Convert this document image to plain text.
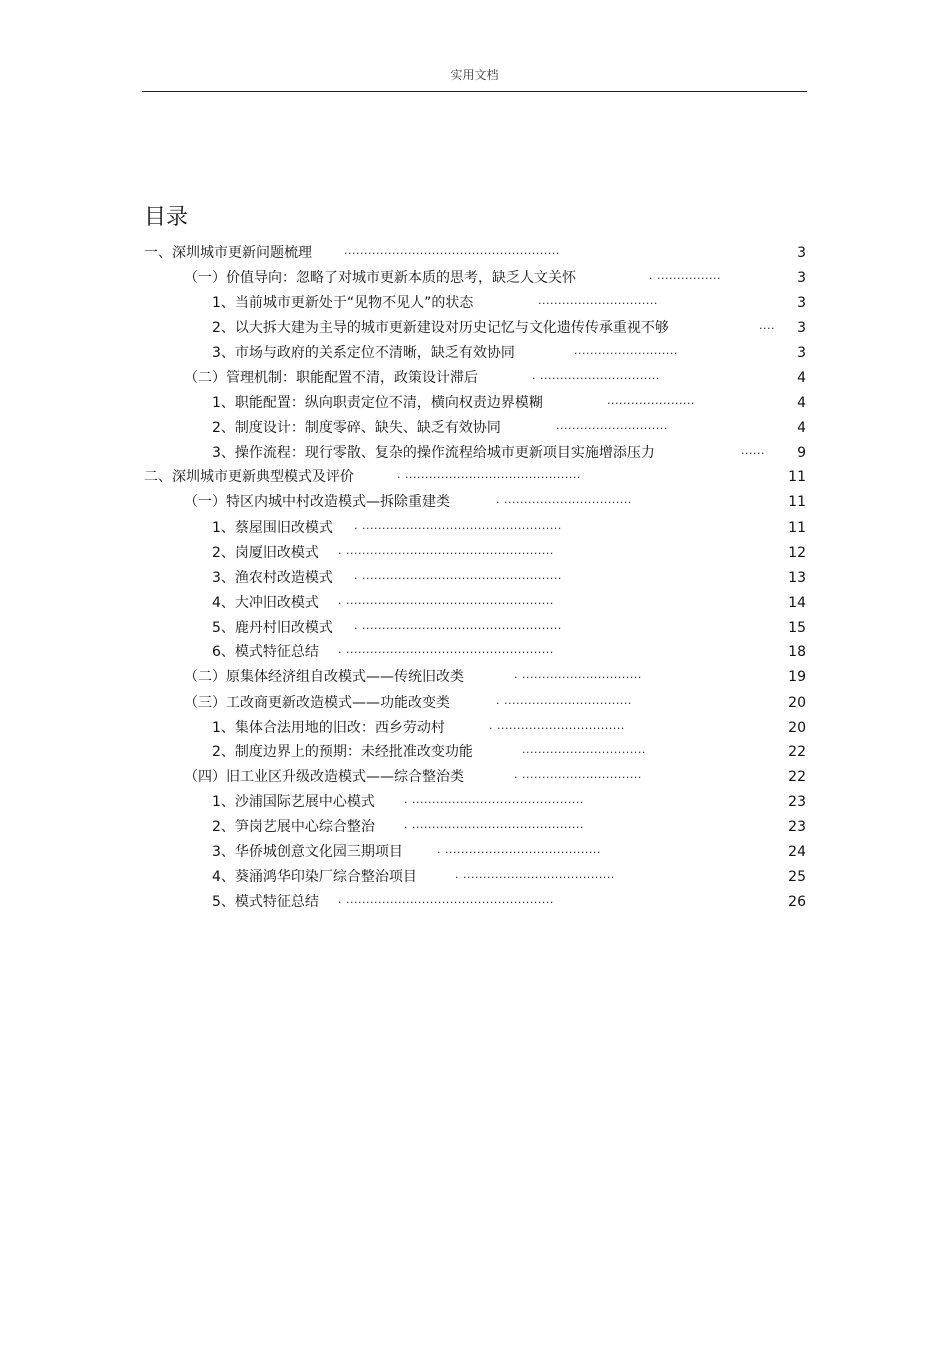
实用文档
目录
一、深圳城市更新问题梳理	......................................................	3
（一）价值导向：忽略了对城市更新本质的思考，缺乏人文关怀	. ................	3
1、当前城市更新处于“见物不见人”的状态	..............................	3
2、以大拆大建为主导的城市更新建设对历史记忆与文化遗传传承重视不够	....	3
3、市场与政府的关系定位不清晰，缺乏有效协同	..........................	3
（二）管理机制：职能配置不清，政策设计滞后	. ..............................	4
1、职能配置：纵向职责定位不清，横向权责边界模糊	......................	4
2、制度设计：制度零碎、缺失、缺乏有效协同	............................	4
3、操作流程：现行零散、复杂的操作流程给城市更新项目实施增添压力	......	9
二、深圳城市更新典型模式及评价	. ............................................	11
（一）特区内城中村改造模式—拆除重建类	. ................................	11
1、蔡屋围旧改模式 . ..................................................	11
2、岗厦旧改模式 . ....................................................	12
3、渔农村改造模式 . ..................................................	13
4、大冲旧改模式 . ....................................................	14
5、鹿丹村旧改模式 . ..................................................	15
6、模式特征总结 . ....................................................	18
（二）原集体经济组自改模式——传统旧改类	. ..............................	19
（三）工改商更新改造模式——功能改变类	. ................................	20
1、集体合法用地的旧改：西乡劳动村	. ................................	20
2、制度边界上的预期：未经批准改变功能	...............................	22
（四）旧工业区升级改造模式——综合整治类	. ..............................	22
1、沙浦国际艺展中心模式	. ...........................................	23
2、笋岗艺展中心综合整治	. ...........................................	23
3、华侨城创意文化园三期项目	. .......................................	24
4、葵涌鸿华印染厂综合整治项目	. ......................................	25
5、模式特征总结 . ....................................................	26
